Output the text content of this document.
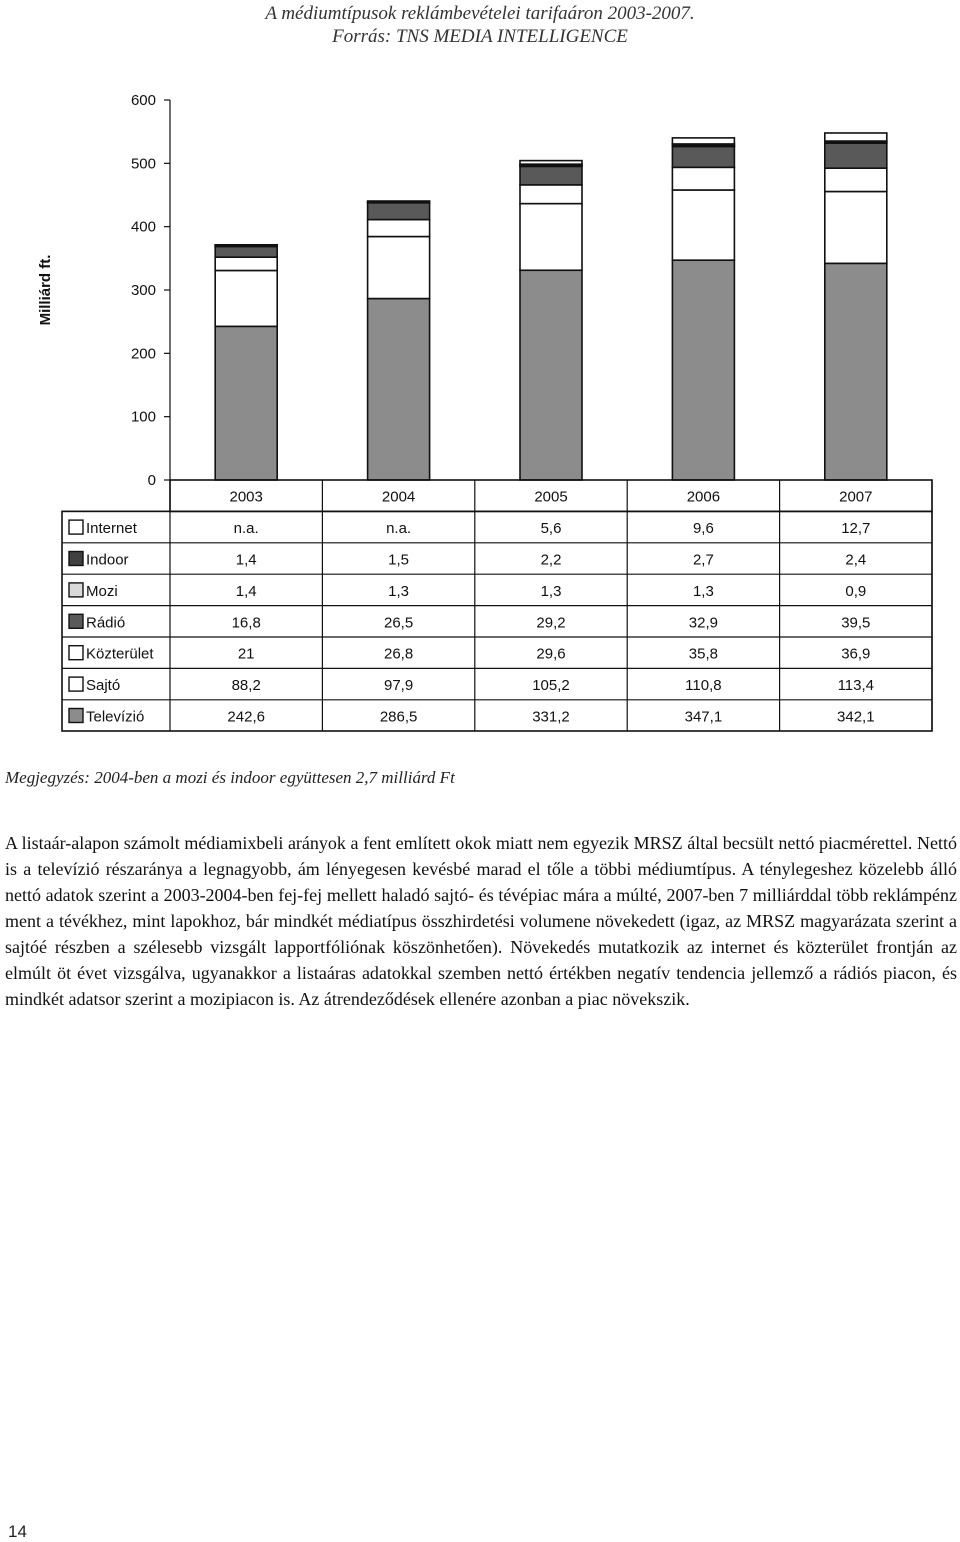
A médiumtípusok reklámbevételei tarifaáron 2003-2007.
Forrás: TNS MEDIA INTELLIGENCE
0
100
200
300
400
500
600
Milliárd ft.
2003	2004	2005	2006	2007
Internet	n.a.	n.a.	5,6	9,6	12,7
Indoor	1,4	1,5	2,2	2,7	2,4
Mozi	1,4	1,3	1,3	1,3	0,9
Rádió	16,8	26,5	29,2	32,9	39,5
Közterület	21	26,8	29,6	35,8	36,9
Sajtó	88,2	97,9	105,2	110,8	113,4
Televízió	242,6	286,5	331,2	347,1	342,1
Megjegyzés: 2004-ben a mozi és indoor együttesen 2,7 milliárd Ft

A listaár-alapon számolt médiamixbeli arányok a fent említett okok miatt nem egyezik MRSZ által becsült nettó piacmérettel. Nettó is a televízió részaránya a legnagyobb, ám lényegesen kevésbé marad el tőle a többi médiumtípus. A ténylegeshez közelebb álló nettó adatok szerint a 2003-2004-ben fej-fej mellett haladó sajtó- és tévépiac mára a múlté, 2007-ben 7 milliárddal több reklámpénz ment a tévékhez, mint lapokhoz, bár mindkét médiatípus összhirdetési volumene növekedett (igaz, az MRSZ magyarázata szerint a sajtóé részben a szélesebb vizsgált lapportfóliónak köszönhetően). Növekedés mutatkozik az internet és közterület frontján az elmúlt öt évet vizsgálva, ugyanakkor a listaáras adatokkal szemben nettó értékben negatív tendencia jellemző a rádiós piacon, és mindkét adatsor szerint a mozipiacon is. Az átrendeződések ellenére azonban a piac növekszik.

14
